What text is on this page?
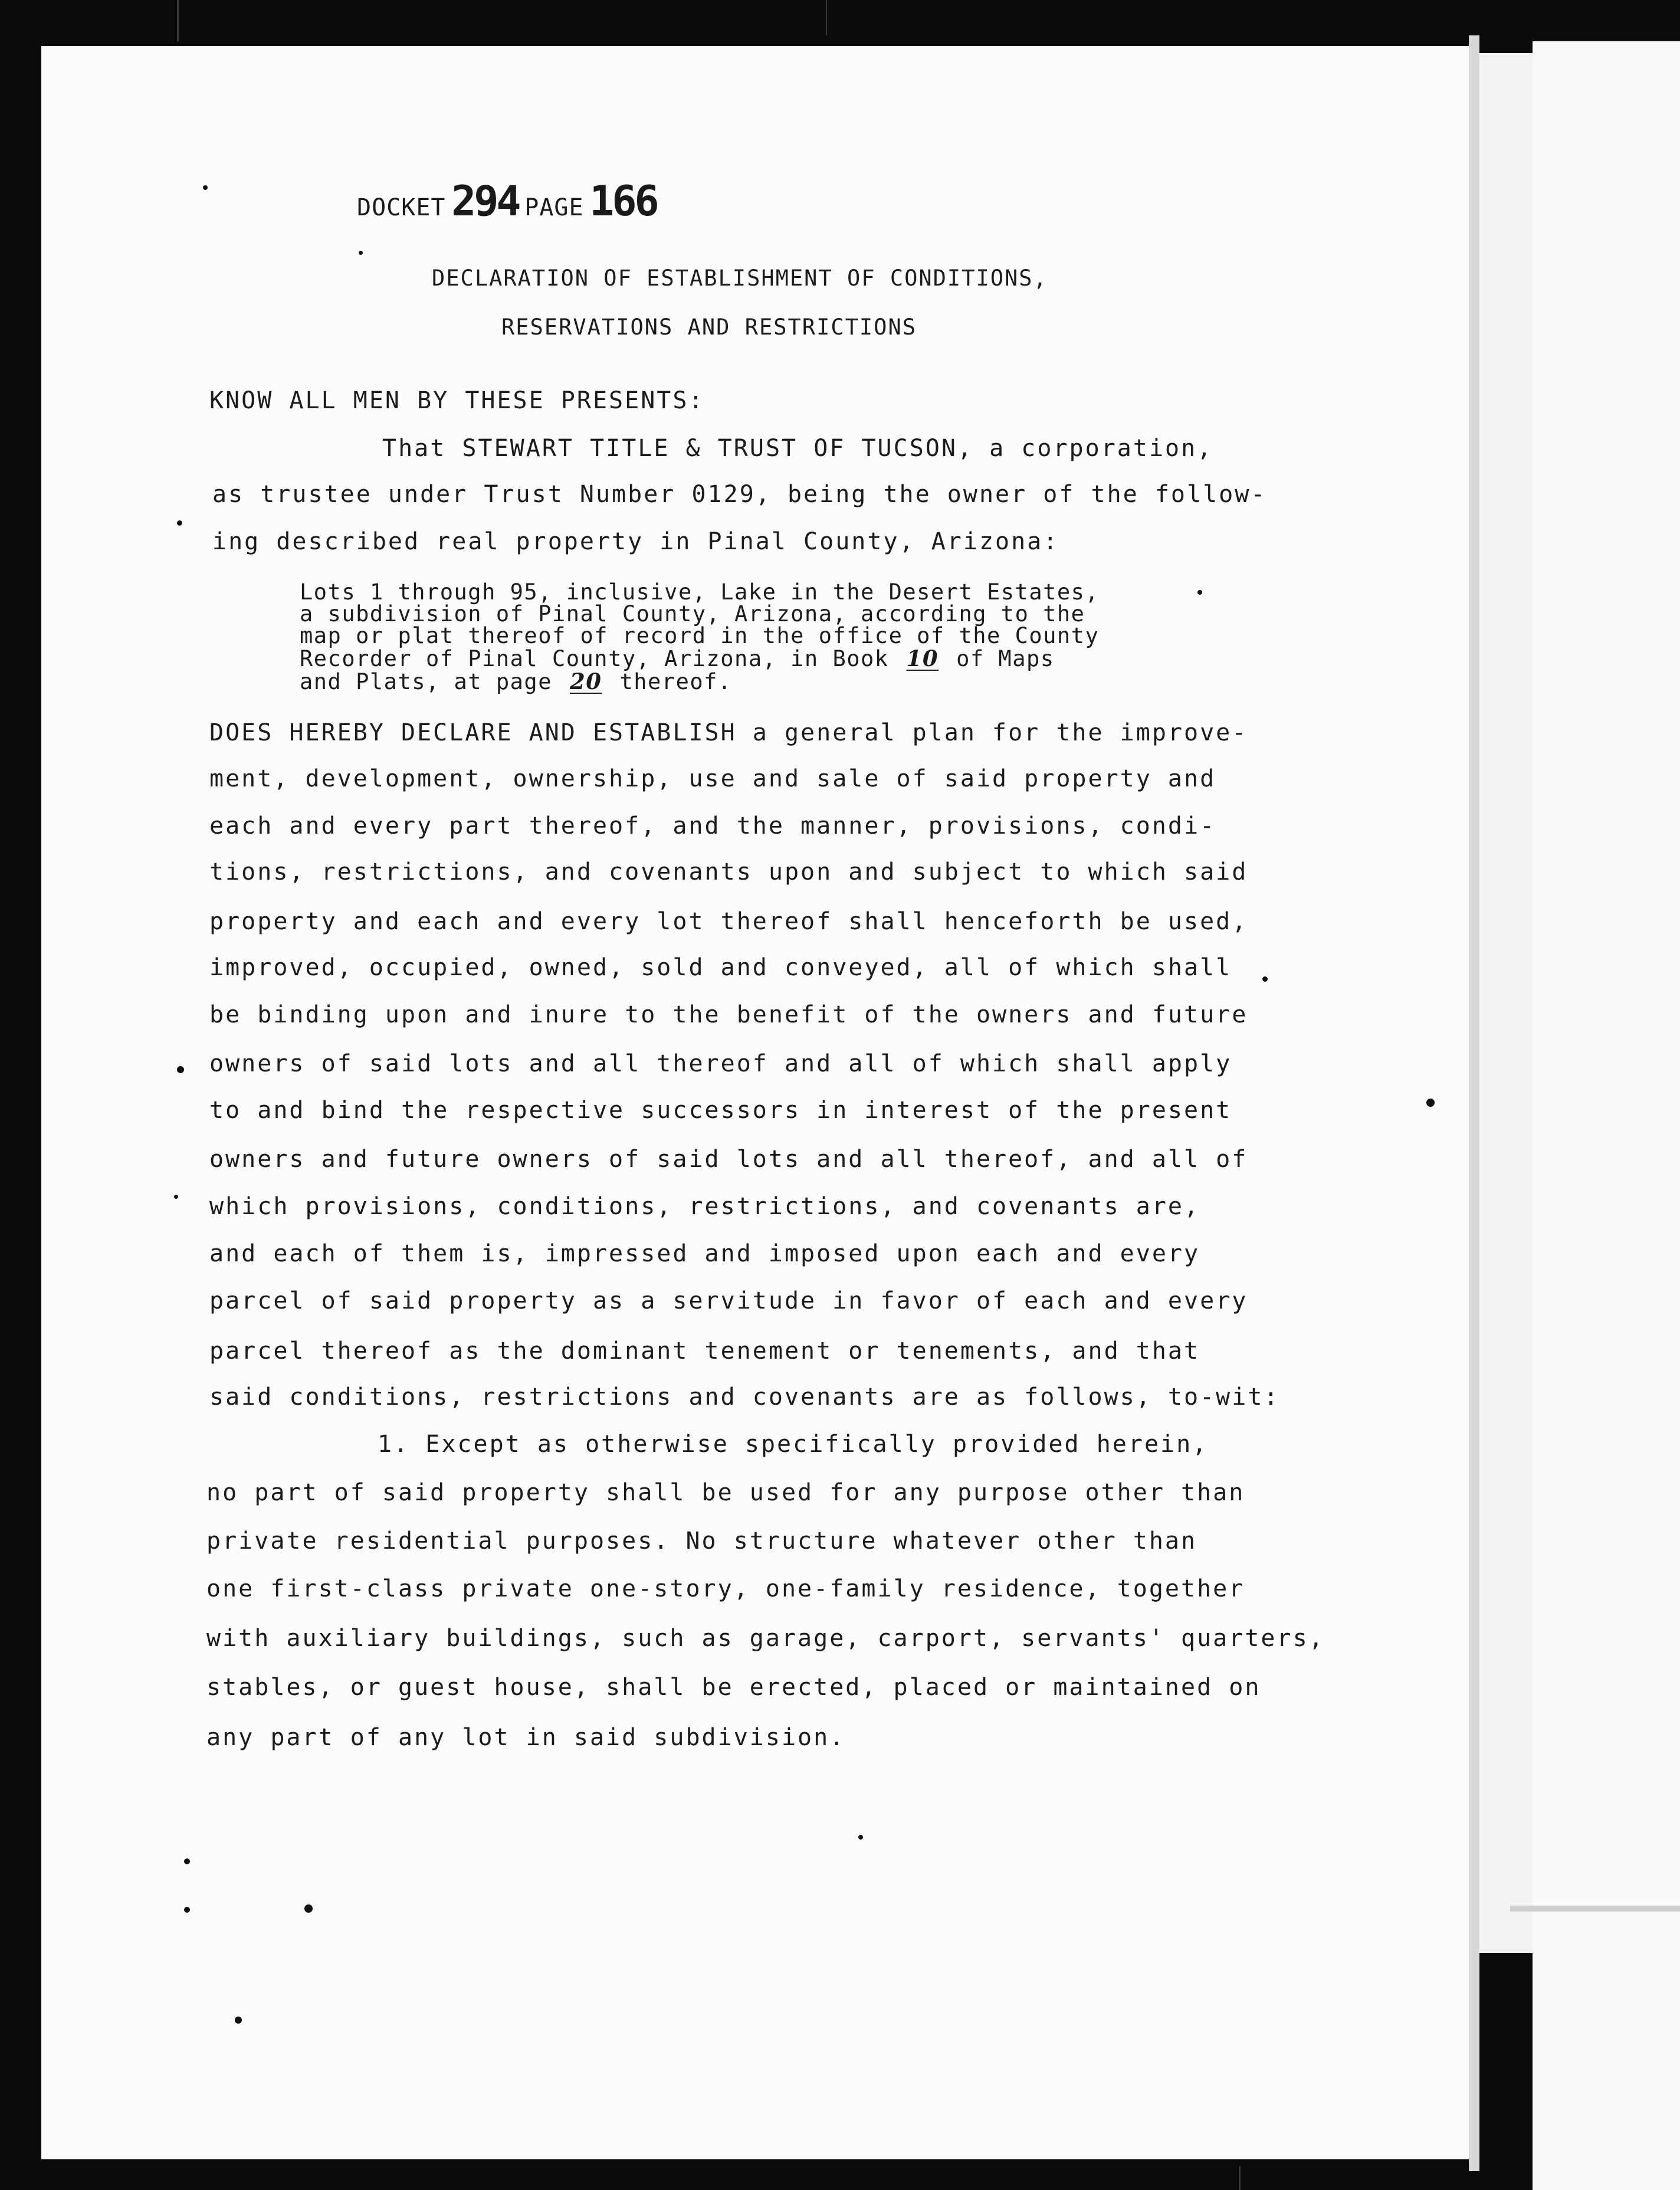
DOCKET 294 PAGE 166
DECLARATION OF ESTABLISHMENT OF CONDITIONS,
RESERVATIONS AND RESTRICTIONS
KNOW ALL MEN BY THESE PRESENTS:
That STEWART TITLE & TRUST OF TUCSON, a corporation,
as trustee under Trust Number 0129, being the owner of the follow-
ing described real property in Pinal County, Arizona:
Lots 1 through 95, inclusive, Lake in the Desert Estates,
a subdivision of Pinal County, Arizona, according to the
map or plat thereof of record in the office of the County
Recorder of Pinal County, Arizona, in Book 10 of Maps
and Plats, at page 20 thereof.
DOES HEREBY DECLARE AND ESTABLISH a general plan for the improve-
ment, development, ownership, use and sale of said property and
each and every part thereof, and the manner, provisions, condi-
tions, restrictions, and covenants upon and subject to which said
property and each and every lot thereof shall henceforth be used,
improved, occupied, owned, sold and conveyed, all of which shall
be binding upon and inure to the benefit of the owners and future
owners of said lots and all thereof and all of which shall apply
to and bind the respective successors in interest of the present
owners and future owners of said lots and all thereof, and all of
which provisions, conditions, restrictions, and covenants are,
and each of them is, impressed and imposed upon each and every
parcel of said property as a servitude in favor of each and every
parcel thereof as the dominant tenement or tenements, and that
said conditions, restrictions and covenants are as follows, to-wit:
1. Except as otherwise specifically provided herein,
no part of said property shall be used for any purpose other than
private residential purposes. No structure whatever other than
one first-class private one-story, one-family residence, together
with auxiliary buildings, such as garage, carport, servants' quarters,
stables, or guest house, shall be erected, placed or maintained on
any part of any lot in said subdivision.
